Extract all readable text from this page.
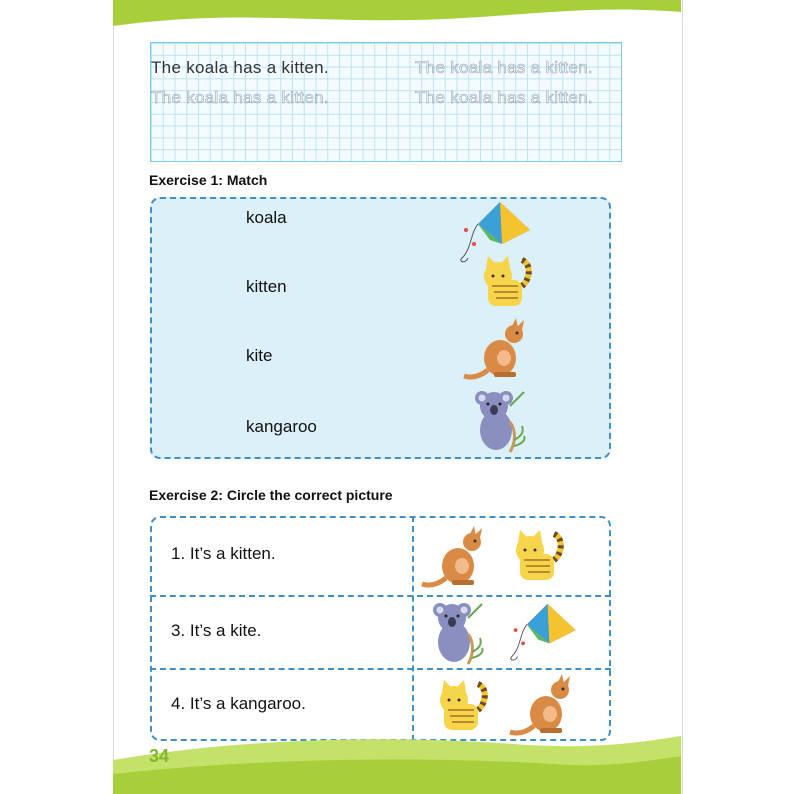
The koala has a kitten.	The koala has a kitten.
The koala has a kitten.	The koala has a kitten.
Exercise 1: Match
koala
kitten
kite
kangaroo
Exercise 2: Circle the correct picture
1. It’s a kitten.
3. It’s a kite.
4. It’s a kangaroo.
34
